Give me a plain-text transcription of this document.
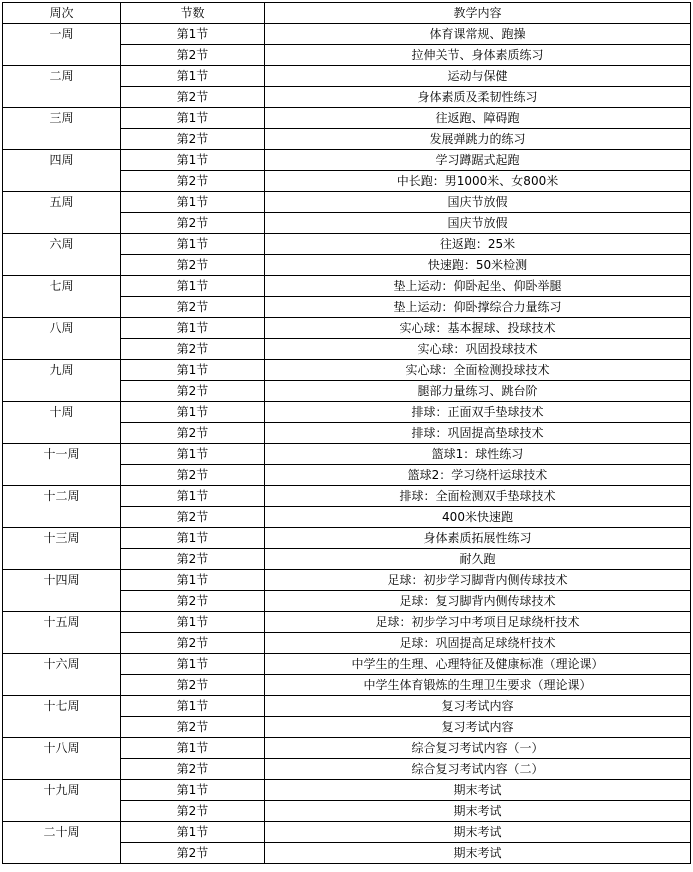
周次	节数	教学内容
一周	第1节	体育课常规、跑操
	第2节	拉伸关节、身体素质练习
二周	第1节	运动与保健
	第2节	身体素质及柔韧性练习
三周	第1节	往返跑、障碍跑
	第2节	发展弹跳力的练习
四周	第1节	学习蹲踞式起跑
	第2节	中长跑：男1000米、女800米
五周	第1节	国庆节放假
	第2节	国庆节放假
六周	第1节	往返跑：25米
	第2节	快速跑：50米检测
七周	第1节	垫上运动：仰卧起坐、仰卧举腿
	第2节	垫上运动：仰卧撑综合力量练习
八周	第1节	实心球：基本握球、投球技术
	第2节	实心球：巩固投球技术
九周	第1节	实心球：全面检测投球技术
	第2节	腿部力量练习、跳台阶
十周	第1节	排球：正面双手垫球技术
	第2节	排球：巩固提高垫球技术
十一周	第1节	篮球1：球性练习
	第2节	篮球2：学习绕杆运球技术
十二周	第1节	排球：全面检测双手垫球技术
	第2节	400米快速跑
十三周	第1节	身体素质拓展性练习
	第2节	耐久跑
十四周	第1节	足球：初步学习脚背内侧传球技术
	第2节	足球：复习脚背内侧传球技术
十五周	第1节	足球：初步学习中考项目足球绕杆技术
	第2节	足球：巩固提高足球绕杆技术
十六周	第1节	中学生的生理、心理特征及健康标准（理论课）
	第2节	中学生体育锻炼的生理卫生要求（理论课）
十七周	第1节	复习考试内容
	第2节	复习考试内容
十八周	第1节	综合复习考试内容（一）
	第2节	综合复习考试内容（二）
十九周	第1节	期末考试
	第2节	期末考试
二十周	第1节	期末考试
	第2节	期末考试
